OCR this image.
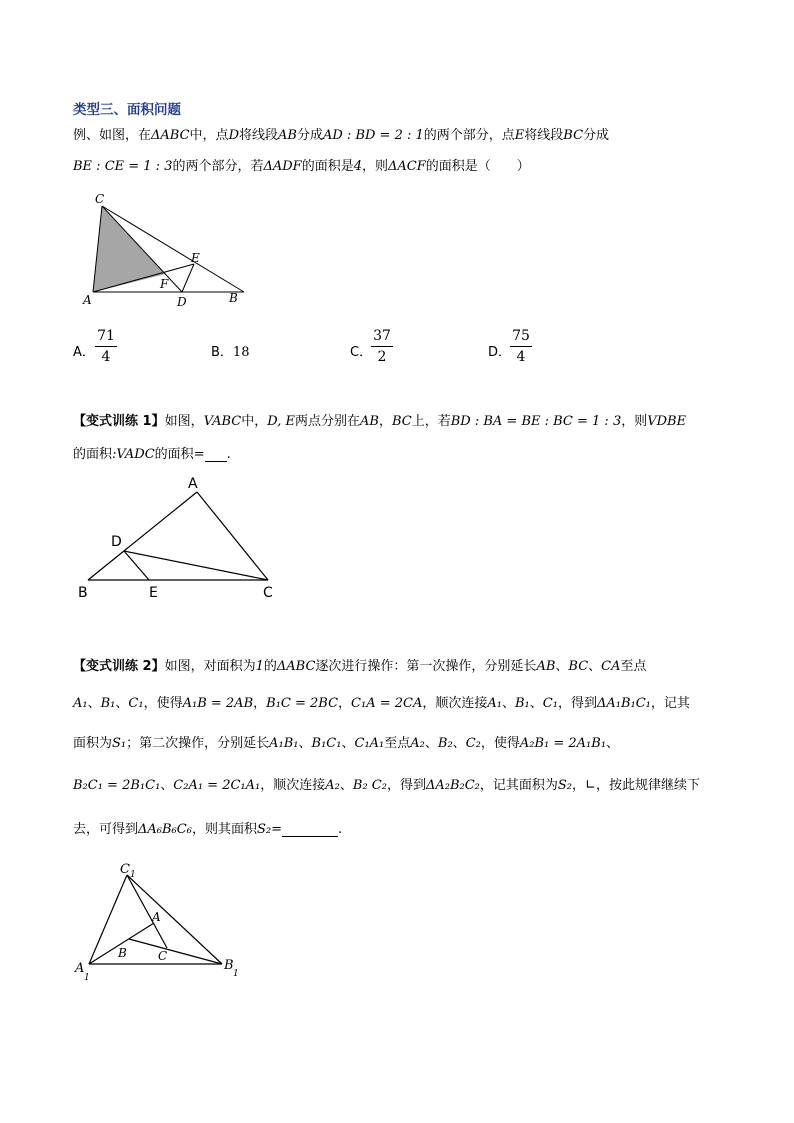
类型三、面积问题
例、如图，在ΔABC中，点D将线段AB分成AD : BD = 2 : 1的两个部分，点E将线段BC分成
BE : CE = 1 : 3的两个部分，若ΔADF的面积是4，则ΔACF的面积是（　　）
C
E
F
A	D	B
A．
71
4	B．18	C．
37
2	D．
75
4
【变式训练 1】如图，VABC中，D, E两点分别在AB，BC上，若BD : BA = BE : BC = 1 : 3，则VDBE
的面积:VADC的面积= .
A
D
B	E	C
【变式训练 2】如图，对面积为1的ΔABC逐次进行操作：第一次操作，分别延长AB、BC、CA至点
A₁、B₁、C₁，使得A₁B = 2AB，B₁C = 2BC，C₁A = 2CA，顺次连接A₁、B₁、C₁，得到ΔA₁B₁C₁，记其
面积为S₁；第二次操作，分别延长A₁B₁、B₁C₁、C₁A₁至点A₂、B₂、C₂，使得A₂B₁ = 2A₁B₁、
B₂C₁ = 2B₁C₁、C₂A₁ = 2C₁A₁，顺次连接A₂、B₂ C₂，得到ΔA₂B₂C₂，记其面积为S₂，∟，按此规律继续下
去，可得到ΔA₆B₆C₆，则其面积S₂=	.
C 1
A
B	C
A
1
B
1
